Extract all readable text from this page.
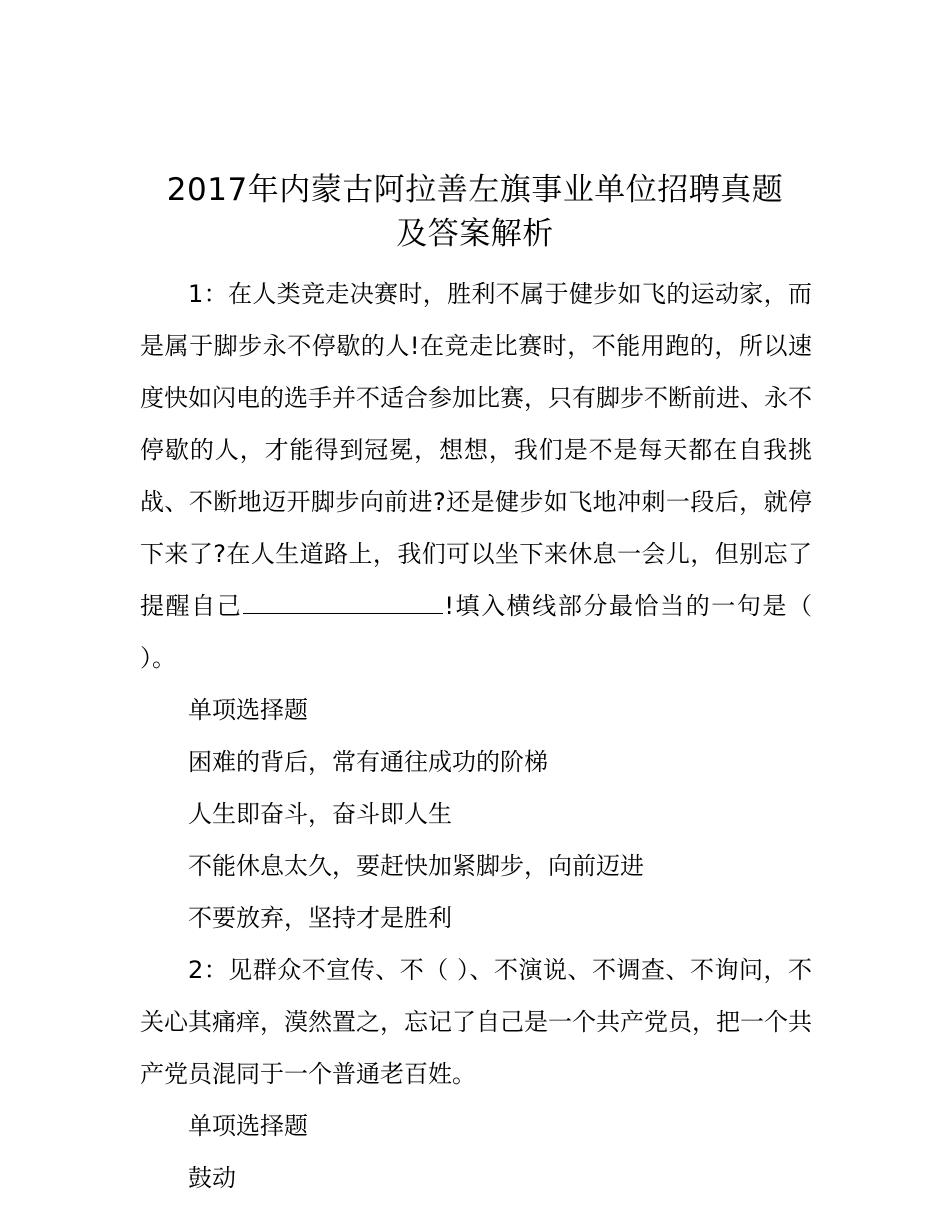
2017年内蒙古阿拉善左旗事业单位招聘真题
及答案解析

1：在人类竞走决赛时，胜利不属于健步如飞的运动家，而是属于脚步永不停歇的人!在竞走比赛时，不能用跑的，所以速度快如闪电的选手并不适合参加比赛，只有脚步不断前进、永不停歇的人，才能得到冠冕，想想，我们是不是每天都在自我挑战、不断地迈开脚步向前进?还是健步如飞地冲刺一段后，就停下来了?在人生道路上，我们可以坐下来休息一会儿，但别忘了提醒自己	!填入横线部分最恰当的一句是（ ）。

单项选择题

困难的背后，常有通往成功的阶梯

人生即奋斗，奋斗即人生

不能休息太久，要赶快加紧脚步，向前迈进

不要放弃，坚持才是胜利

2：见群众不宣传、不（ ）、不演说、不调查、不询问，不关心其痛痒，漠然置之，忘记了自己是一个共产党员，把一个共产党员混同于一个普通老百姓。

单项选择题

鼓动
